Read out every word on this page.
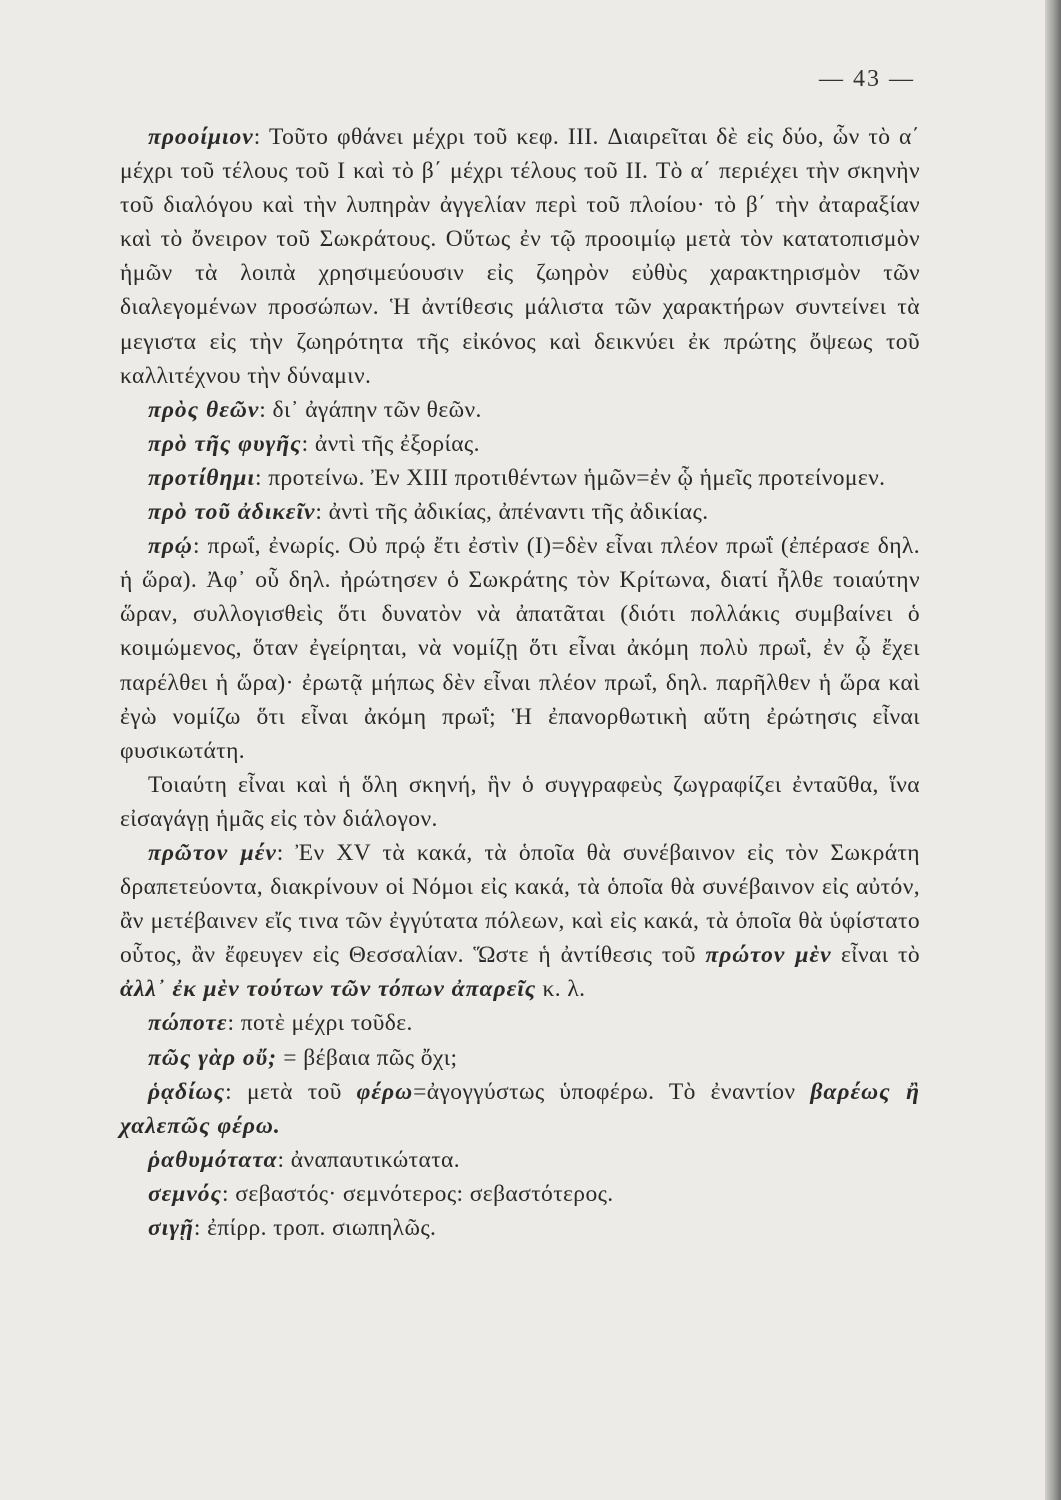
— 43 —

προοίμιον: Τοῦτο φθάνει μέχρι τοῦ κεφ. III. Διαιρεῖται δὲ εἰς δύο, ὧν τὸ α΄ μέχρι τοῦ τέλους τοῦ I καὶ τὸ β΄ μέχρι τέλους τοῦ II. Τὸ α΄ περιέχει τὴν σκηνὴν τοῦ διαλόγου καὶ τὴν λυπηρὰν ἀγγελίαν περὶ τοῦ πλοίου· τὸ β΄ τὴν ἀταραξίαν καὶ τὸ ὄνειρον τοῦ Σωκράτους. Οὕτως ἐν τῷ προοιμίῳ μετὰ τὸν κατατοπισμὸν ἡμῶν τὰ λοιπὰ χρησιμεύουσιν εἰς ζωηρὸν εὐθὺς χαρακτηρισμὸν τῶν διαλεγομένων προσώπων. Ἡ ἀντίθεσις μάλιστα τῶν χαρακτήρων συντείνει τὰ μεγιστα εἰς τὴν ζωηρότητα τῆς εἰκόνος καὶ δεικνύει ἐκ πρώτης ὄψεως τοῦ καλλιτέχνου τὴν δύναμιν.

πρὸς θεῶν: δι᾽ ἀγάπην τῶν θεῶν.

πρὸ τῆς φυγῆς: ἀντὶ τῆς ἐξορίας.

προτίθημι: προτείνω. Ἐν XIII προτιθέντων ἡμῶν=ἐν ᾧ ἡμεῖς προτείνομεν.

πρὸ τοῦ ἀδικεῖν: ἀντὶ τῆς ἀδικίας, ἀπέναντι τῆς ἀδικίας.

πρῴ: πρωΐ, ἐνωρίς. Οὐ πρῴ ἔτι ἐστὶν (I)=δὲν εἶναι πλέον πρωΐ (ἐπέρασε δηλ. ἡ ὥρα). Ἀφ᾽ οὗ δηλ. ἠρώτησεν ὁ Σωκράτης τὸν Κρίτωνα, διατί ἦλθε τοιαύτην ὥραν, συλλογισθεὶς ὅτι δυνατὸν νὰ ἀπατᾶται (διότι πολλάκις συμβαίνει ὁ κοιμώμενος, ὅταν ἐγείρηται, νὰ νομίζῃ ὅτι εἶναι ἀκόμη πολὺ πρωΐ, ἐν ᾧ ἔχει παρέλθει ἡ ὥρα)· ἐρωτᾷ μήπως δὲν εἶναι πλέον πρωΐ, δηλ. παρῆλθεν ἡ ὥρα καὶ ἐγὼ νομίζω ὅτι εἶναι ἀκόμη πρωΐ; Ἡ ἐπανορθωτικὴ αὕτη ἐρώτησις εἶναι φυσικωτάτη.

Τοιαύτη εἶναι καὶ ἡ ὅλη σκηνή, ἣν ὁ συγγραφεὺς ζωγραφίζει ἐνταῦθα, ἵνα εἰσαγάγῃ ἡμᾶς εἰς τὸν διάλογον.

πρῶτον μέν: Ἐν XV τὰ κακά, τὰ ὁποῖα θὰ συνέβαινον εἰς τὸν Σωκράτη δραπετεύοντα, διακρίνουν οἱ Νόμοι εἰς κακά, τὰ ὁποῖα θὰ συνέβαινον εἰς αὐτόν, ἂν μετέβαινεν εἴς τινα τῶν ἐγγύτατα πόλεων, καὶ εἰς κακά, τὰ ὁποῖα θὰ ὑφίστατο οὗτος, ἂν ἔφευγεν εἰς Θεσσαλίαν. Ὥστε ἡ ἀντίθεσις τοῦ πρώτον μὲν εἶναι τὸ ἀλλ᾽ ἐκ μὲν τούτων τῶν τόπων ἀπαρεῖς κ. λ.

πώποτε: ποτὲ μέχρι τοῦδε.

πῶς γὰρ οὔ; = βέβαια πῶς ὄχι;

ῥᾳδίως: μετὰ τοῦ φέρω=ἀγογγύστως ὑποφέρω. Τὸ ἐναντίον βαρέως ἢ χαλεπῶς φέρω.

ῥαθυμότατα: ἀναπαυτικώτατα.

σεμνός: σεβαστός· σεμνότερος: σεβαστότερος.

σιγῇ: ἐπίρρ. τροπ. σιωπηλῶς.
